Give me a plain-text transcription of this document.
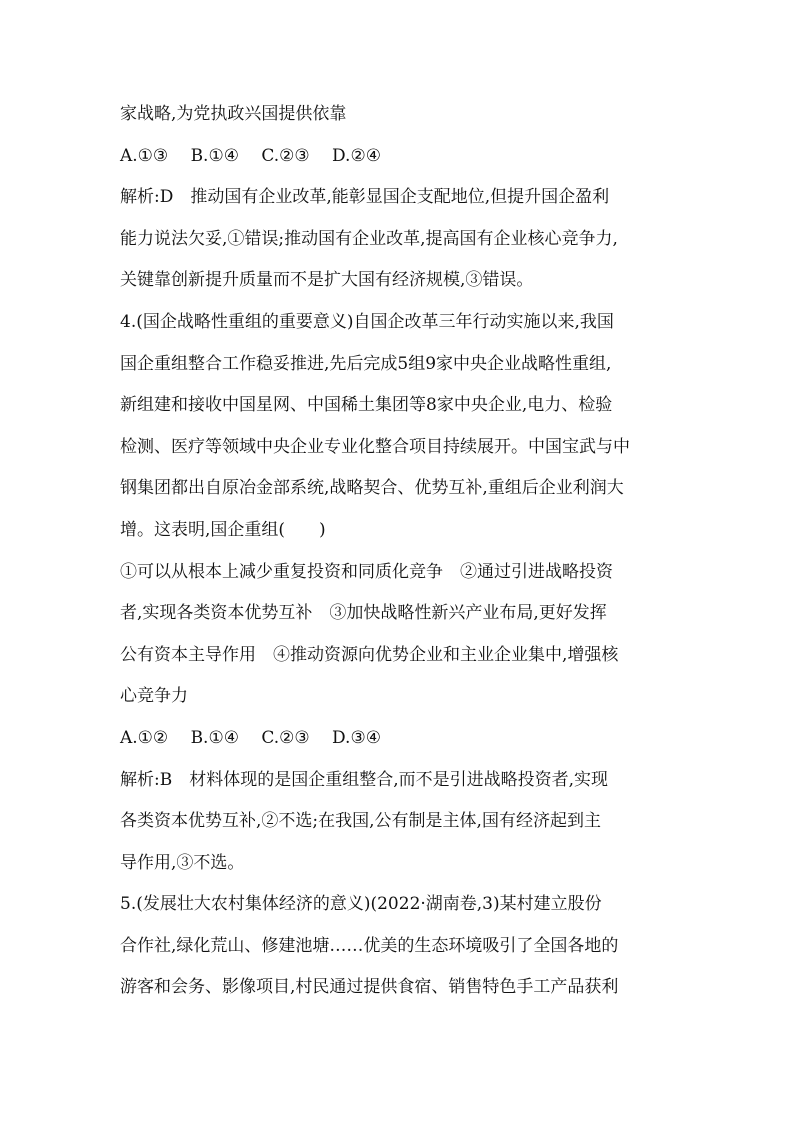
家战略,为党执政兴国提供依靠
A.①③　 B.①④　 C.②③　 D.②④
解析:D　推动国有企业改革,能彰显国企支配地位,但提升国企盈利
能力说法欠妥,①错误;推动国有企业改革,提高国有企业核心竞争力,
关键靠创新提升质量而不是扩大国有经济规模,③错误。
4.(国企战略性重组的重要意义)自国企改革三年行动实施以来,我国
国企重组整合工作稳妥推进,先后完成5组9家中央企业战略性重组,
新组建和接收中国星网、中国稀土集团等8家中央企业,电力、检验
检测、医疗等领域中央企业专业化整合项目持续展开。中国宝武与中
钢集团都出自原冶金部系统,战略契合、优势互补,重组后企业利润大
增。这表明,国企重组(　　)
①可以从根本上减少重复投资和同质化竞争　②通过引进战略投资
者,实现各类资本优势互补　③加快战略性新兴产业布局,更好发挥
公有资本主导作用　④推动资源向优势企业和主业企业集中,增强核
心竞争力
A.①②　 B.①④　 C.②③　 D.③④
解析:B　材料体现的是国企重组整合,而不是引进战略投资者,实现
各类资本优势互补,②不选;在我国,公有制是主体,国有经济起到主
导作用,③不选。
5.(发展壮大农村集体经济的意义)(2022·湖南卷,3)某村建立股份
合作社,绿化荒山、修建池塘……优美的生态环境吸引了全国各地的
游客和会务、影像项目,村民通过提供食宿、销售特色手工产品获利
